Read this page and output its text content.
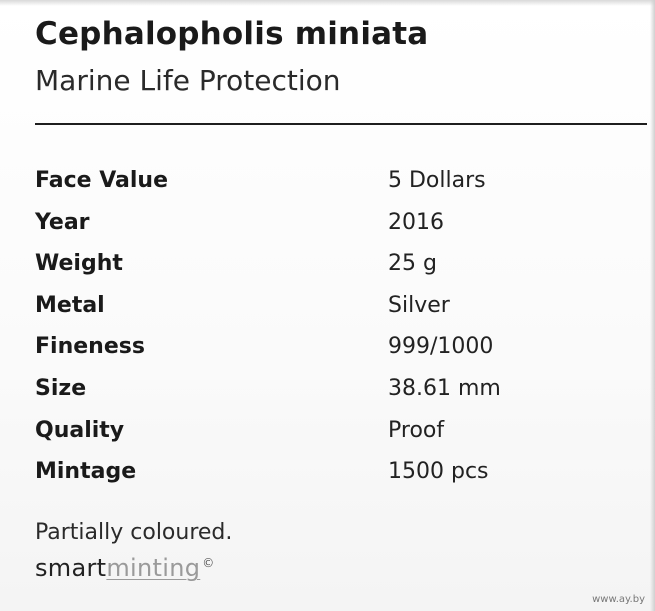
Cephalopholis miniata
Marine Life Protection
Face Value	5 Dollars
Year	2016
Weight	25 g
Metal	Silver
Fineness	999/1000
Size	38.61 mm
Quality	Proof
Mintage	1500 pcs
Partially coloured.
smartminting ©
www.ay.by
